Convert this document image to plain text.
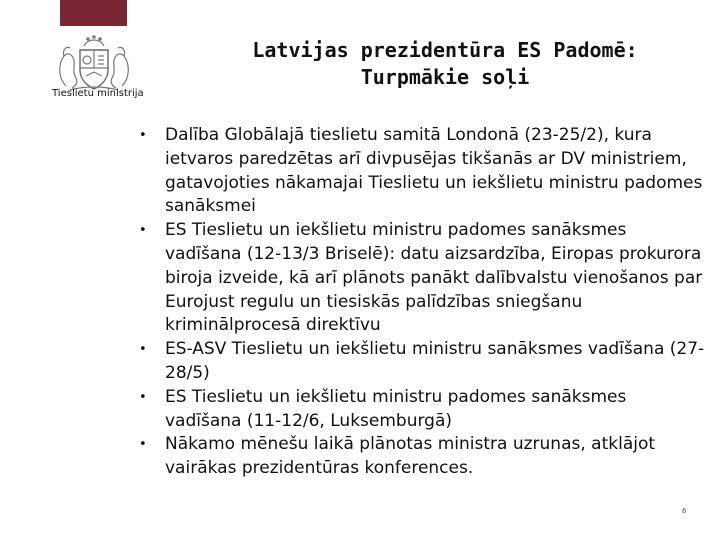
Tieslietu ministrija
Latvijas prezidentūra ES Padomē:
Turpmākie soļi
• Dalība Globālajā tieslietu samitā Londonā (23-25/2), kura ietvaros paredzētas arī divpusējas tikšanās ar DV ministriem, gatavojoties nākamajai Tieslietu un iekšlietu ministru padomes sanāksmei
• ES Tieslietu un iekšlietu ministru padomes sanāksmes vadīšana (12-13/3 Briselē): datu aizsardzība, Eiropas prokurora biroja izveide, kā arī plānots panākt dalībvalstu vienošanos par Eurojust regulu un tiesiskās palīdzības sniegšanu kriminālprocesā direktīvu
• ES-ASV Tieslietu un iekšlietu ministru sanāksmes vadīšana (27-28/5)
• ES Tieslietu un iekšlietu ministru padomes sanāksmes vadīšana (11-12/6, Luksemburgā)
• Nākamo mēnešu laikā plānotas ministra uzrunas, atklājot vairākas prezidentūras konferences.
6
